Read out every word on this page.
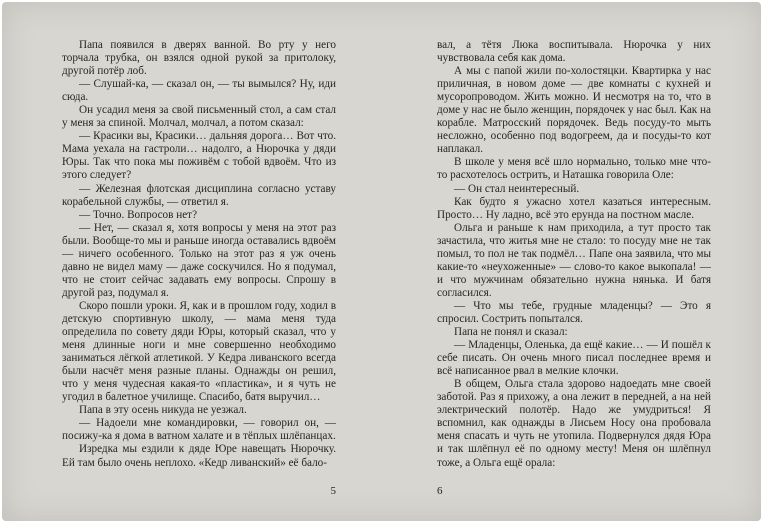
Папа появился в дверях ванной. Во рту у него торчала трубка, он взялся одной рукой за притолоку, другой потёр лоб.

— Слушай-ка, — сказал он, — ты вымылся? Ну, иди сюда.

Он усадил меня за свой письменный стол, а сам стал у меня за спиной. Молчал, молчал, а потом сказал:

— Красики вы, Красики… дальняя дорога… Вот что. Мама уехала на гастроли… надолго, а Нюрочка у дяди Юры. Так что пока мы поживём с тобой вдвоём. Что из этого следует?

— Железная флотская дисциплина согласно уставу корабельной службы, — ответил я.

— Точно. Вопросов нет?

— Нет, — сказал я, хотя вопросы у меня на этот раз были. Вообще-то мы и раньше иногда оставались вдвоём — ничего особенного. Только на этот раз я уж очень давно не видел маму — даже соскучился. Но я подумал, что не стоит сейчас задавать ему вопросы. Спрошу в другой раз, подумал я.

Скоро пошли уроки. Я, как и в прошлом году, ходил в детскую спортивную школу, — мама меня туда определила по совету дяди Юры, который сказал, что у меня длинные ноги и мне совершенно необходимо заниматься лёгкой атлетикой. У Кедра ливанского всегда были насчёт меня разные планы. Однажды он решил, что у меня чудесная какая-то «пластика», и я чуть не угодил в балетное училище. Спасибо, батя выручил…

Папа в эту осень никуда не уезжал.

— Надоели мне командировки, — говорил он, — посижу-ка я дома в ватном халате и в тёплых шлёпанцах.

Изредка мы ездили к дяде Юре навещать Нюрочку. Ей там было очень неплохо. «Кедр ливанский» её бало-

вал, а тётя Люка воспитывала. Нюрочка у них чувствовала себя как дома.

А мы с папой жили по-холостяцки. Квартирка у нас приличная, в новом доме — две комнаты с кухней и мусоропроводом. Жить можно. И несмотря на то, что в доме у нас не было женщин, порядочек у нас был. Как на корабле. Матросский порядочек. Ведь посуду-то мыть несложно, особенно под водогреем, да и посуды-то кот наплакал.

В школе у меня всё шло нормально, только мне что-то расхотелось острить, и Наташка говорила Оле:

— Он стал неинтересный.

Как будто я ужасно хотел казаться интересным. Просто… Ну ладно, всё это ерунда на постном масле.

Ольга и раньше к нам приходила, а тут просто так зачастила, что житья мне не стало: то посуду мне не так помыл, то пол не так подмёл… Папе она заявила, что мы какие-то «неухоженные» — слово-то какое выкопала! — и что мужчинам обязательно нужна нянька. И батя согласился.

— Что мы тебе, грудные младенцы? — Это я спросил. Сострить попытался.

Папа не понял и сказал:

— Младенцы, Оленька, да ещё какие… — И пошёл к себе писать. Он очень много писал последнее время и всё написанное рвал в мелкие клочки.

В общем, Ольга стала здорово надоедать мне своей заботой. Раз я прихожу, а она лежит в передней, а на ней электрический полотёр. Надо же умудриться! Я вспомнил, как однажды в Лисьем Носу она пробовала меня спасать и чуть не утопила. Подвернулся дядя Юра и так шлёпнул её по одному месту! Меня он шлёпнул тоже, а Ольга ещё орала:

5	6
